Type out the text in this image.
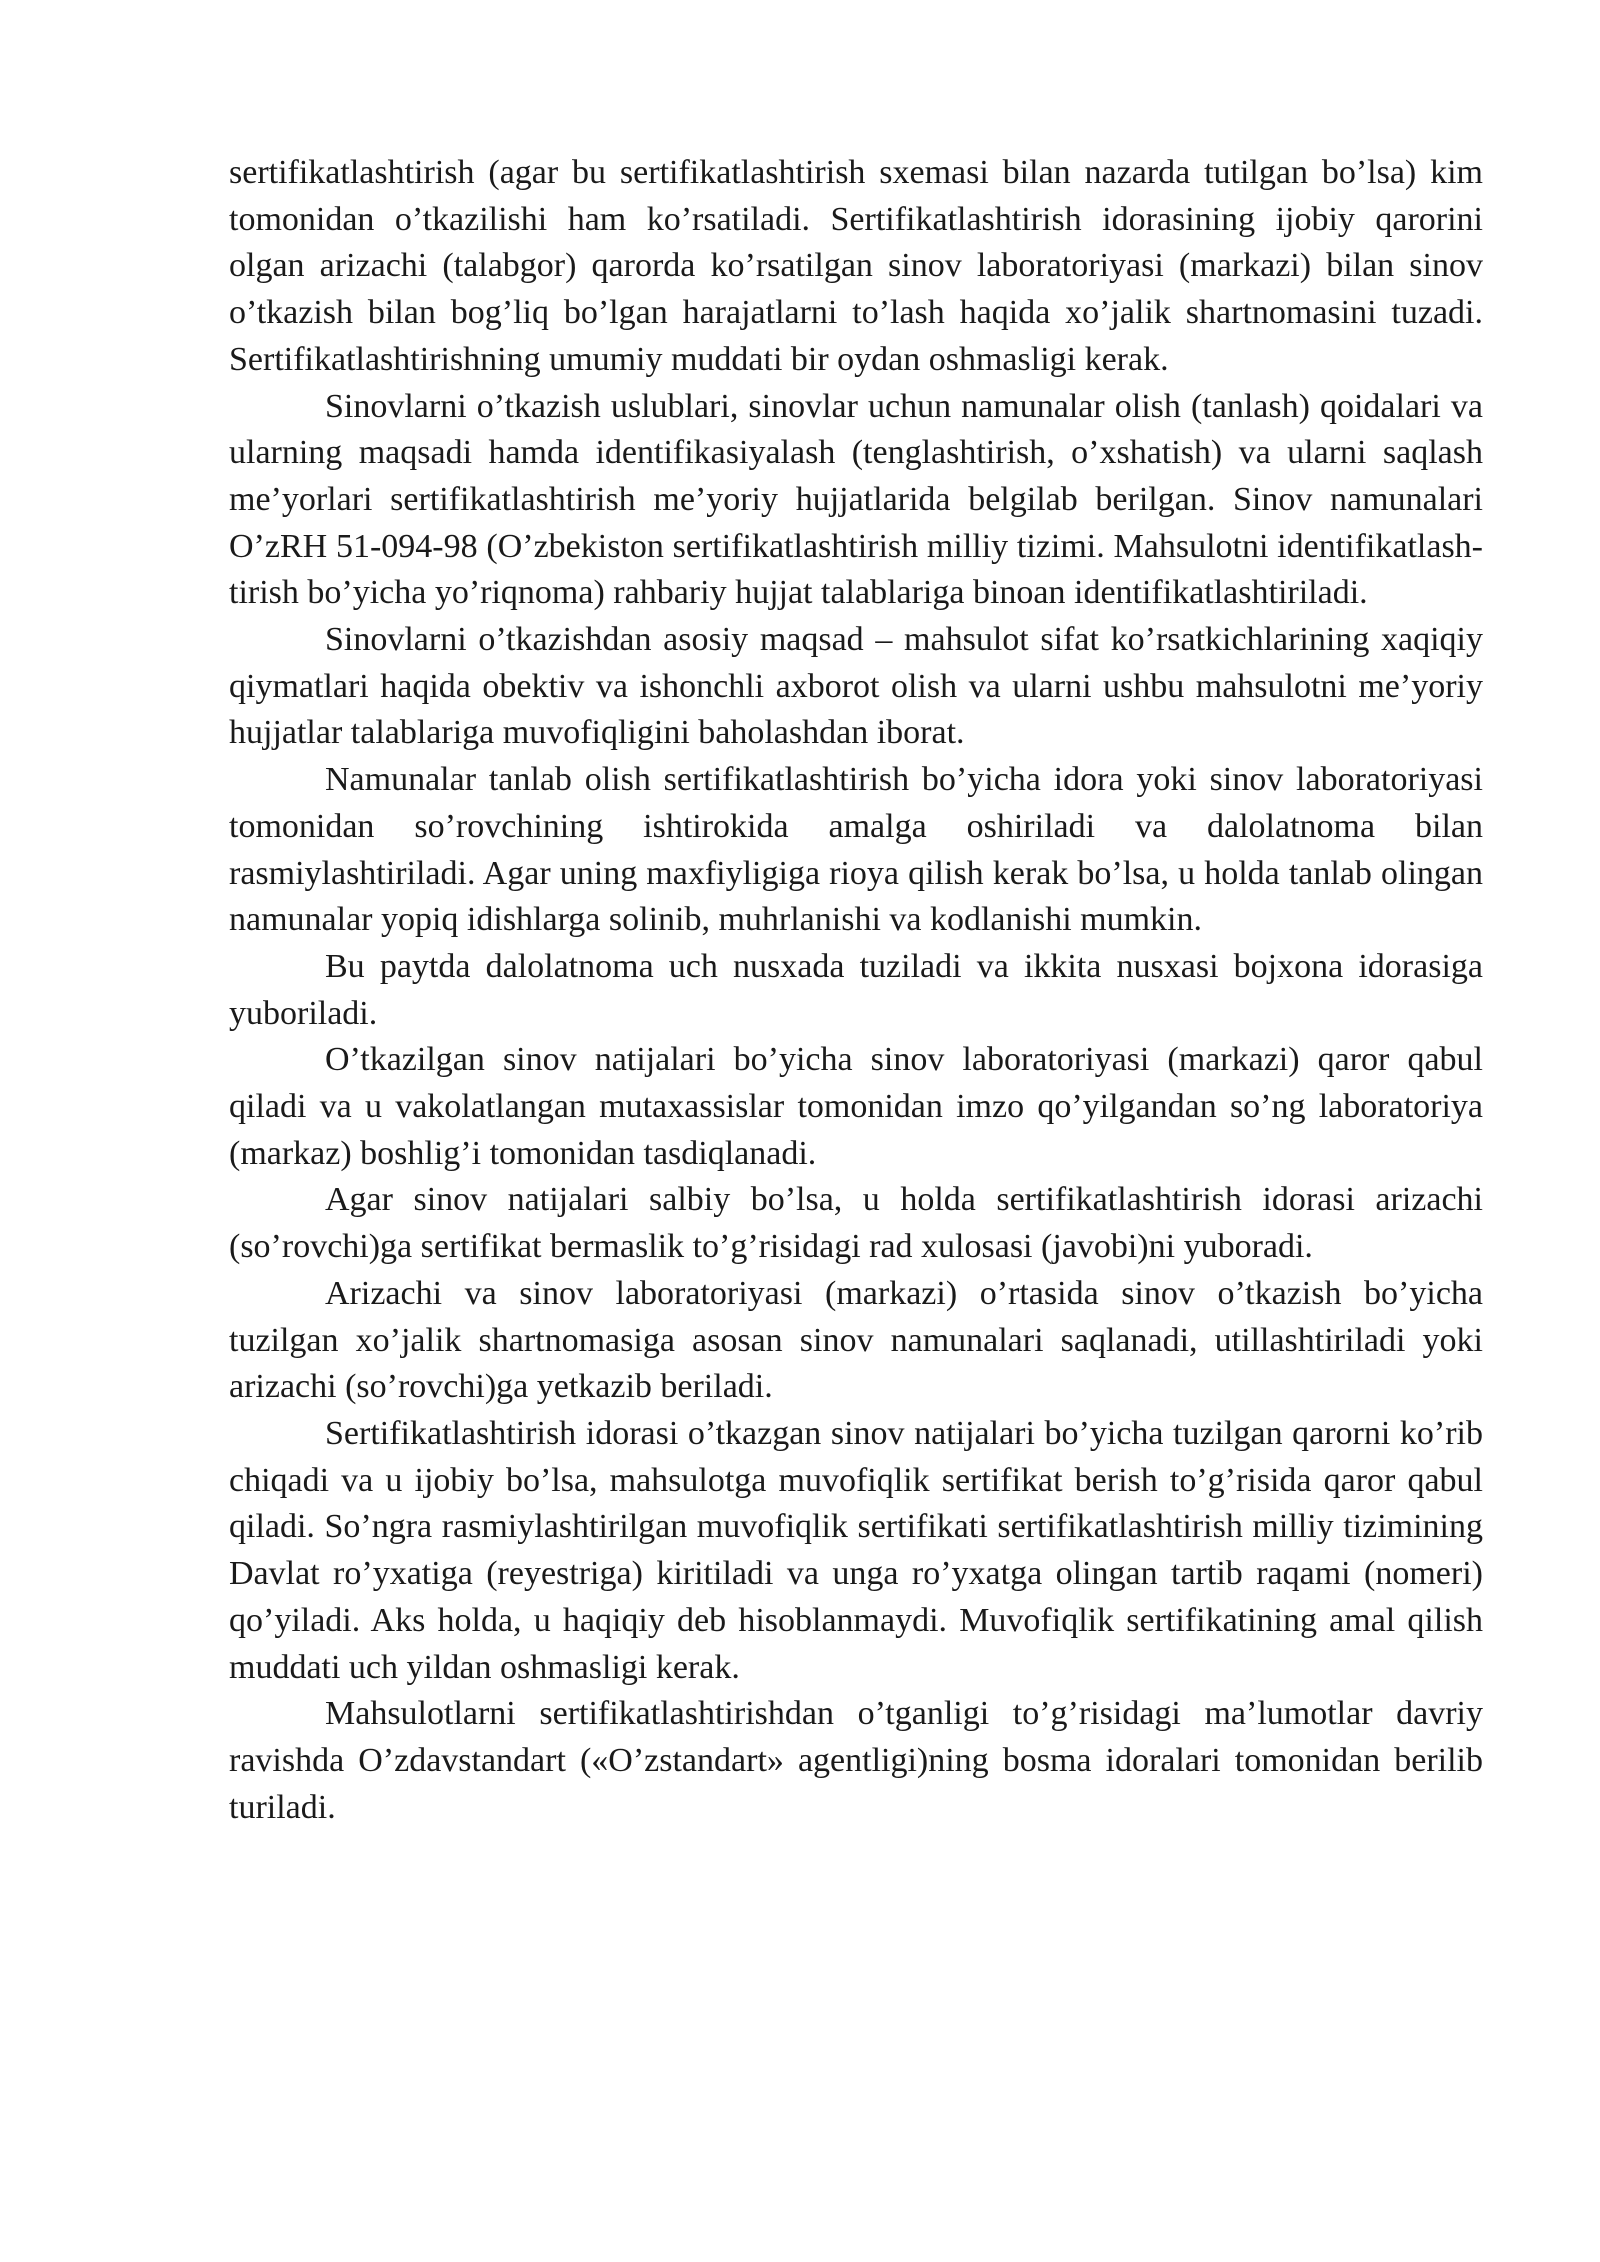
sertifikatlashtirish (agar bu sertifikatlashtirish sxemasi bilan nazarda tutilgan bo’lsa) kim tomonidan o’tkazilishi ham ko’rsatiladi. Sertifikatlashtirish idorasining ijobiy qarorini olgan arizachi (talabgor) qarorda ko’rsatilgan sinov laboratoriyasi (markazi) bilan sinov o’tkazish bilan bog’liq bo’lgan harajatlarni to’lash haqida xo’jalik shartnomasini tuzadi. Sertifikatlashtirishning umumiy muddati bir oydan oshmasligi kerak.

Sinovlarni o’tkazish uslublari, sinovlar uchun namunalar olish (tanlash) qoidalari va ularning maqsadi hamda identifikasiyalash (tenglashtirish, o’xshatish) va ularni saqlash me’yorlari sertifikatlashtirish me’yoriy hujjatlarida belgilab berilgan. Sinov namunalari O’zRH 51-094-98 (O’zbekiston sertifikatlashtirish milliy tizimi. Mahsulotni identifikatlash-tirish bo’yicha yo’riqnoma) rahbariy hujjat talablariga binoan identifikatlashtiriladi.

Sinovlarni o’tkazishdan asosiy maqsad – mahsulot sifat ko’rsatkichlarining xaqiqiy qiymatlari haqida obektiv va ishonchli axborot olish va ularni ushbu mahsulotni me’yoriy hujjatlar talablariga muvofiqligini baholashdan iborat.

Namunalar tanlab olish sertifikatlashtirish bo’yicha idora yoki sinov laboratoriyasi tomonidan so’rovchining ishtirokida amalga oshiriladi va dalolatnoma bilan rasmiylashtiriladi. Agar uning maxfiyligiga rioya qilish kerak bo’lsa, u holda tanlab olingan namunalar yopiq idishlarga solinib, muhrlanishi va kodlanishi mumkin.

Bu paytda dalolatnoma uch nusxada tuziladi va ikkita nusxasi bojxona idorasiga yuboriladi.

O’tkazilgan sinov natijalari bo’yicha sinov laboratoriyasi (markazi) qaror qabul qiladi va u vakolatlangan mutaxassislar tomonidan imzo qo’yilgandan so’ng laboratoriya (markaz) boshlig’i tomonidan tasdiqlanadi.

Agar sinov natijalari salbiy bo’lsa, u holda sertifikatlashtirish idorasi arizachi (so’rovchi)ga sertifikat bermaslik to’g’risidagi rad xulosasi (javobi)ni yuboradi.

Arizachi va sinov laboratoriyasi (markazi) o’rtasida sinov o’tkazish bo’yicha tuzilgan xo’jalik shartnomasiga asosan sinov namunalari saqlanadi, utillashtiriladi yoki arizachi (so’rovchi)ga yetkazib beriladi.

Sertifikatlashtirish idorasi o’tkazgan sinov natijalari bo’yicha tuzilgan qarorni ko’rib chiqadi va u ijobiy bo’lsa, mahsulotga muvofiqlik sertifikat berish to’g’risida qaror qabul qiladi. So’ngra rasmiylashtirilgan muvofiqlik sertifikati sertifikatlashtirish milliy tizimining Davlat ro’yxatiga (reyestriga) kiritiladi va unga ro’yxatga olingan tartib raqami (nomeri) qo’yiladi. Aks holda, u haqiqiy deb hisoblanmaydi. Muvofiqlik sertifikatining amal qilish muddati uch yildan oshmasligi kerak.

Mahsulotlarni sertifikatlashtirishdan o’tganligi to’g’risidagi ma’lumotlar davriy ravishda O’zdavstandart («O’zstandart» agentligi)ning bosma idoralari tomonidan berilib turiladi.
